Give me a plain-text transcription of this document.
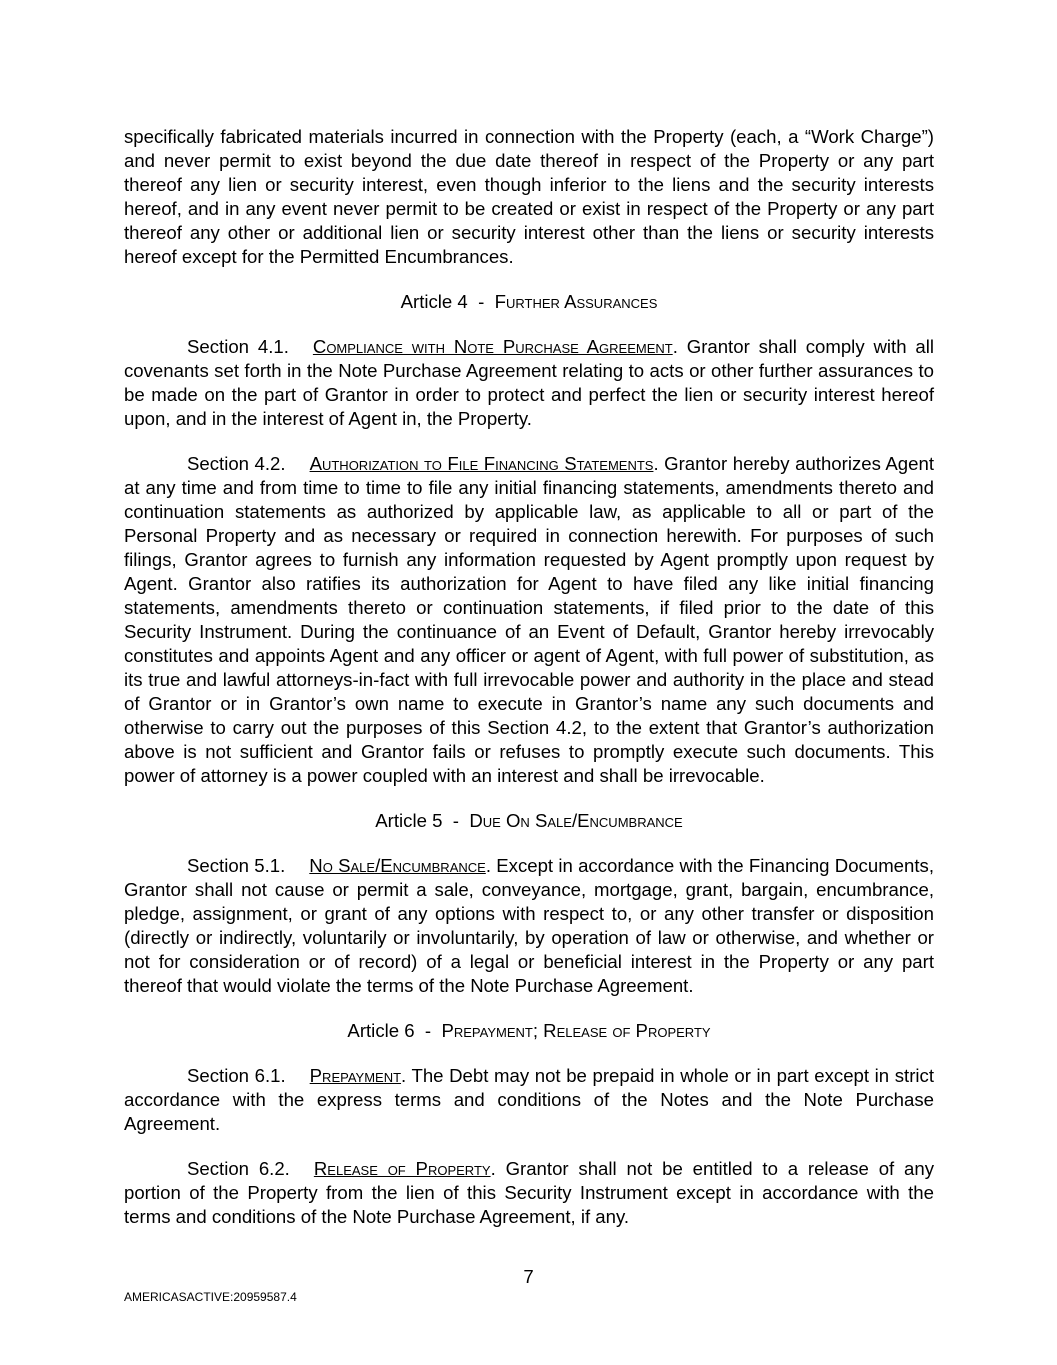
specifically fabricated materials incurred in connection with the Property (each, a “Work Charge”) and never permit to exist beyond the due date thereof in respect of the Property or any part thereof any lien or security interest, even though inferior to the liens and the security interests hereof, and in any event never permit to be created or exist in respect of the Property or any part thereof any other or additional lien or security interest other than the liens or security interests hereof except for the Permitted Encumbrances.

Article 4  -  Further Assurances

Section 4.1. Compliance with Note Purchase Agreement. Grantor shall comply with all covenants set forth in the Note Purchase Agreement relating to acts or other further assurances to be made on the part of Grantor in order to protect and perfect the lien or security interest hereof upon, and in the interest of Agent in, the Property.

Section 4.2. Authorization to File Financing Statements. Grantor hereby authorizes Agent at any time and from time to time to file any initial financing statements, amendments thereto and continuation statements as authorized by applicable law, as applicable to all or part of the Personal Property and as necessary or required in connection herewith. For purposes of such filings, Grantor agrees to furnish any information requested by Agent promptly upon request by Agent. Grantor also ratifies its authorization for Agent to have filed any like initial financing statements, amendments thereto or continuation statements, if filed prior to the date of this Security Instrument. During the continuance of an Event of Default, Grantor hereby irrevocably constitutes and appoints Agent and any officer or agent of Agent, with full power of substitution, as its true and lawful attorneys-in-fact with full irrevocable power and authority in the place and stead of Grantor or in Grantor’s own name to execute in Grantor’s name any such documents and otherwise to carry out the purposes of this Section 4.2, to the extent that Grantor’s authorization above is not sufficient and Grantor fails or refuses to promptly execute such documents. This power of attorney is a power coupled with an interest and shall be irrevocable.

Article 5  -  Due On Sale/Encumbrance

Section 5.1. No Sale/Encumbrance. Except in accordance with the Financing Documents, Grantor shall not cause or permit a sale, conveyance, mortgage, grant, bargain, encumbrance, pledge, assignment, or grant of any options with respect to, or any other transfer or disposition (directly or indirectly, voluntarily or involuntarily, by operation of law or otherwise, and whether or not for consideration or of record) of a legal or beneficial interest in the Property or any part thereof that would violate the terms of the Note Purchase Agreement.

Article 6  -  Prepayment; Release of Property

Section 6.1. Prepayment. The Debt may not be prepaid in whole or in part except in strict accordance with the express terms and conditions of the Notes and the Note Purchase Agreement.

Section 6.2. Release of Property. Grantor shall not be entitled to a release of any portion of the Property from the lien of this Security Instrument except in accordance with the terms and conditions of the Note Purchase Agreement, if any.

7
AMERICASACTIVE:20959587.4
